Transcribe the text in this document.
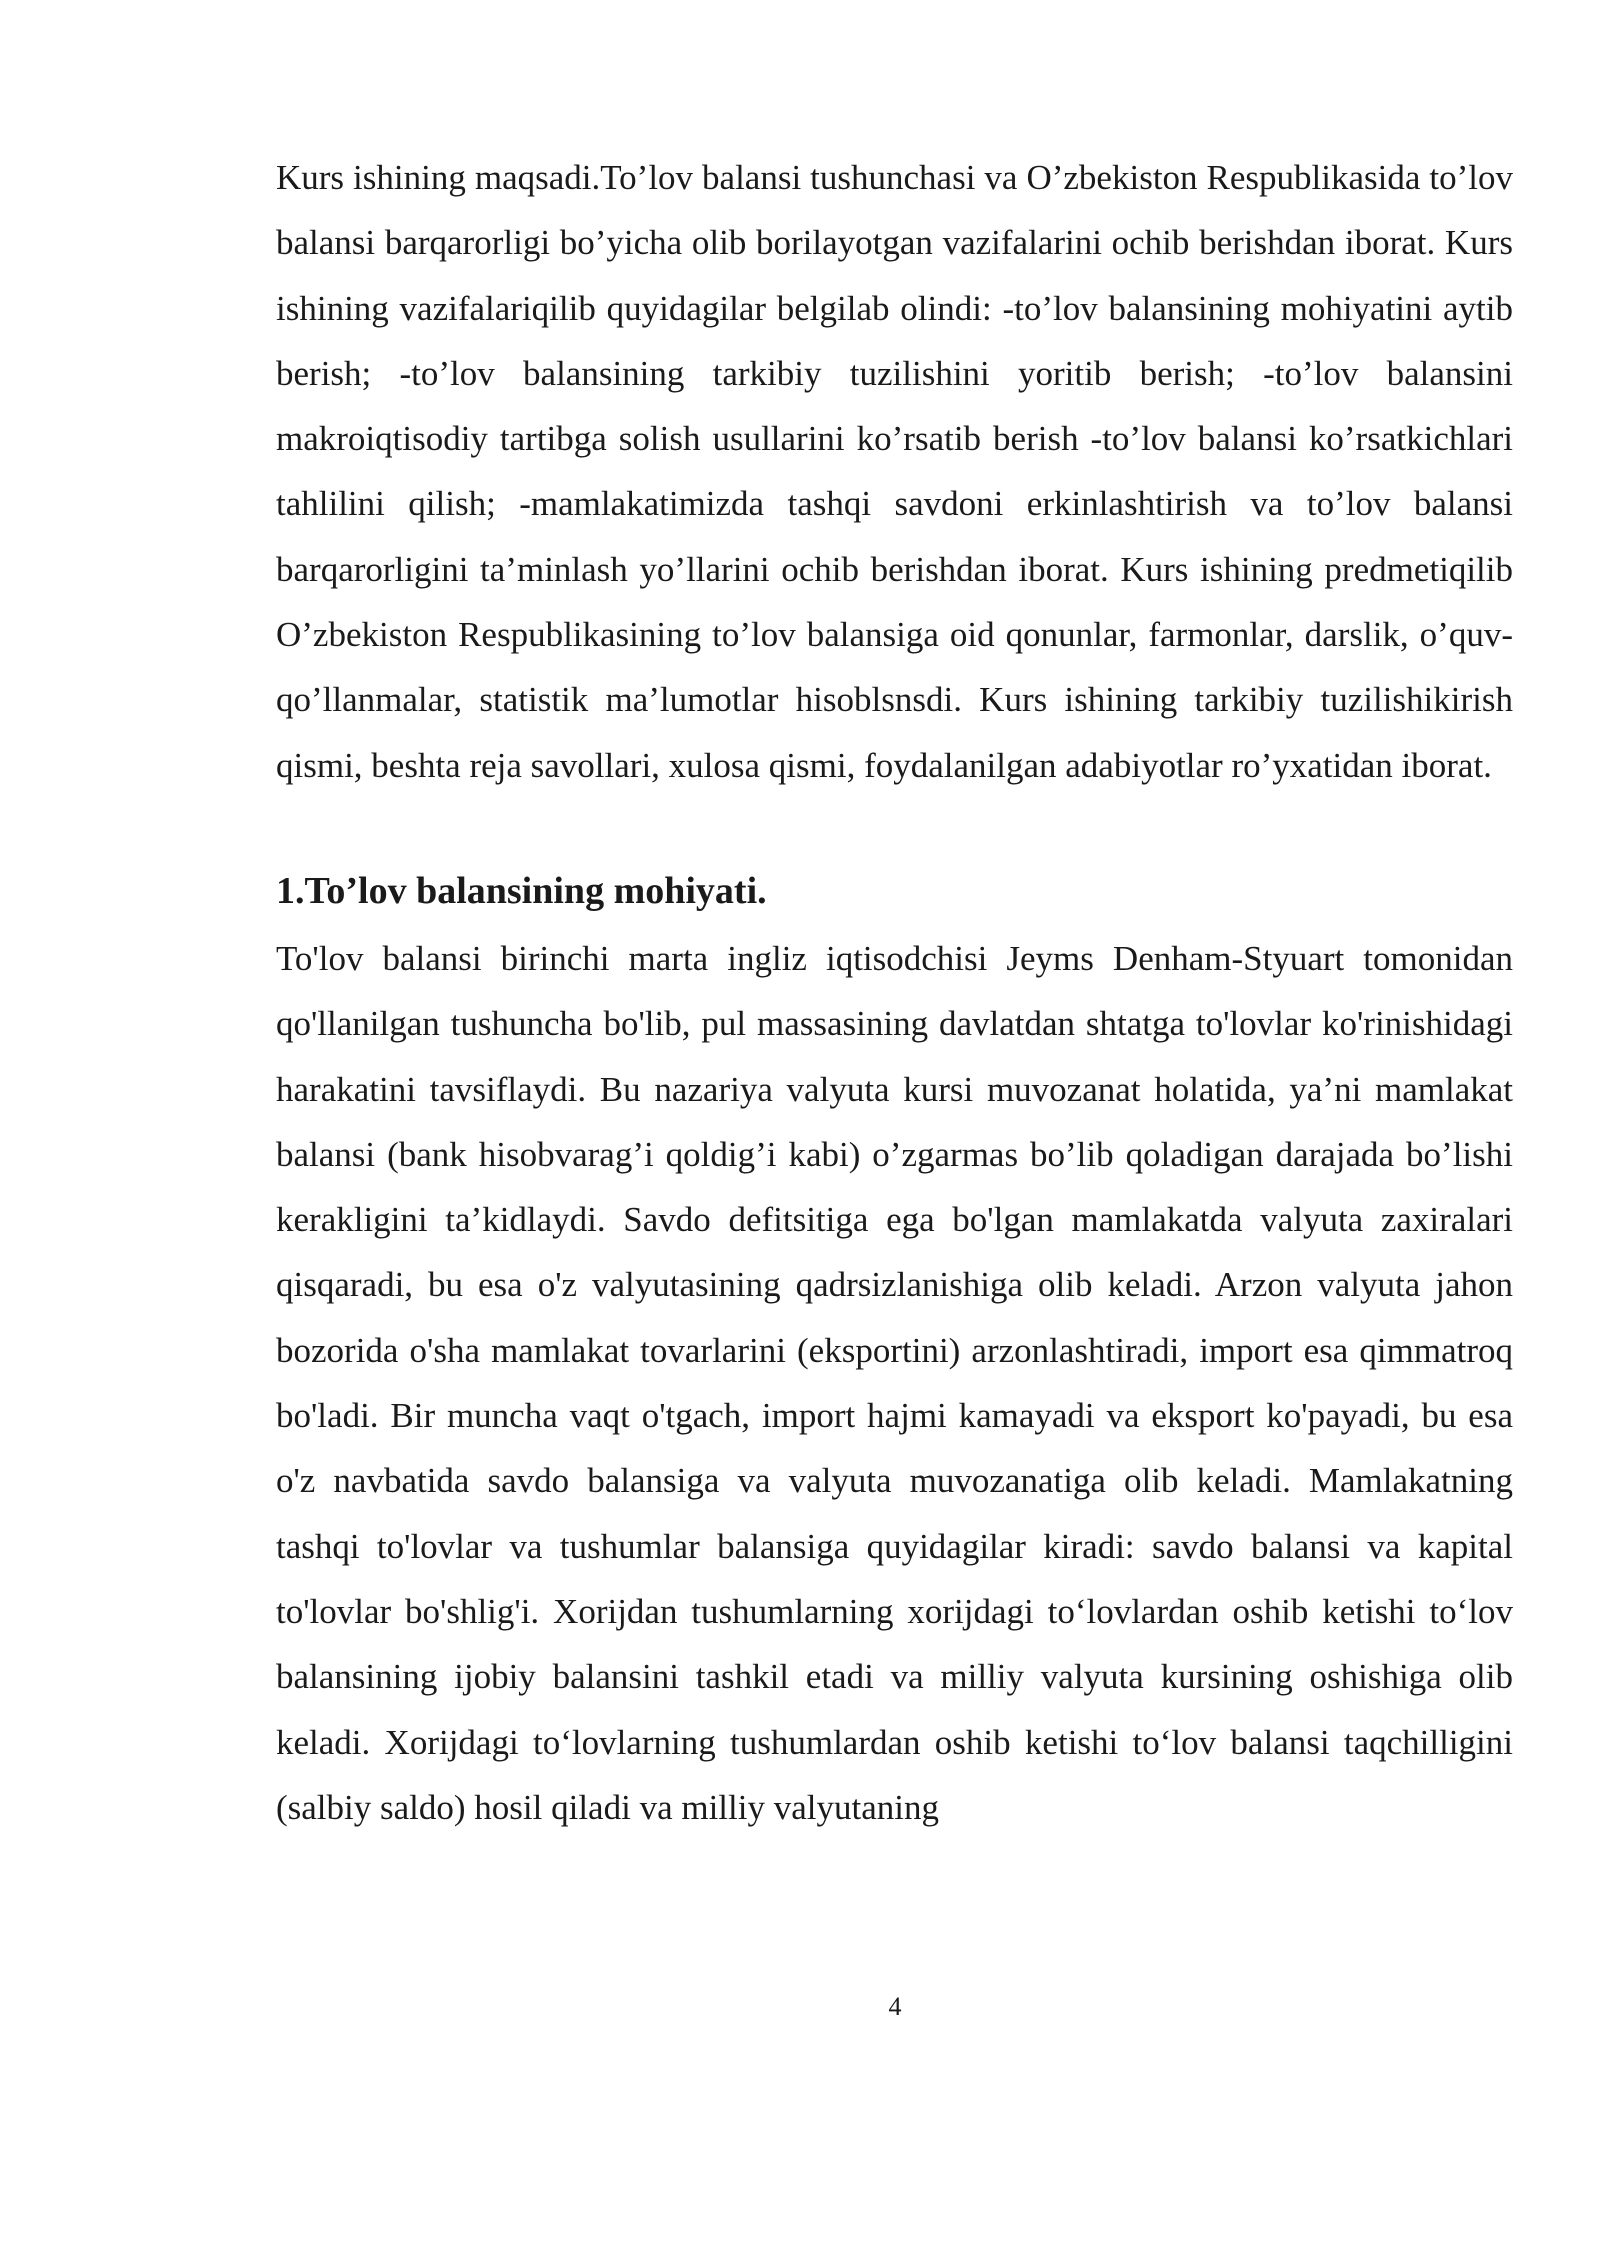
Kurs ishining maqsadi.To’lov balansi tushunchasi va O’zbekiston Respublikasida to’lov balansi barqarorligi bo’yicha olib borilayotgan vazifalarini ochib berishdan iborat. Kurs ishining vazifalariqilib quyidagilar belgilab olindi: -to’lov balansining mohiyatini aytib berish; -to’lov balansining tarkibiy tuzilishini yoritib berish; -to’lov balansini makroiqtisodiy tartibga solish usullarini ko’rsatib berish -to’lov balansi ko’rsatkichlari tahlilini qilish; -mamlakatimizda tashqi savdoni erkinlashtirish va to’lov balansi barqarorligini ta’minlash yo’llarini ochib berishdan iborat. Kurs ishining predmetiqilib O’zbekiston Respublikasining to’lov balansiga oid qonunlar, farmonlar, darslik, o’quv-qo’llanmalar, statistik ma’lumotlar hisoblsnsdi. Kurs ishining tarkibiy tuzilishikirish qismi, beshta reja savollari, xulosa qismi, foydalanilgan adabiyotlar ro’yxatidan iborat.

1.To’lov balansining mohiyati.

To'lov balansi birinchi marta ingliz iqtisodchisi Jeyms Denham-Styuart tomonidan qo'llanilgan tushuncha bo'lib, pul massasining davlatdan shtatga to'lovlar ko'rinishidagi harakatini tavsiflaydi. Bu nazariya valyuta kursi muvozanat holatida, ya’ni mamlakat balansi (bank hisobvarag’i qoldig’i kabi) o’zgarmas bo’lib qoladigan darajada bo’lishi kerakligini ta’kidlaydi. Savdo defitsitiga ega bo'lgan mamlakatda valyuta zaxiralari qisqaradi, bu esa o'z valyutasining qadrsizlanishiga olib keladi. Arzon valyuta jahon bozorida o'sha mamlakat tovarlarini (eksportini) arzonlashtiradi, import esa qimmatroq bo'ladi. Bir muncha vaqt o'tgach, import hajmi kamayadi va eksport ko'payadi, bu esa o'z navbatida savdo balansiga va valyuta muvozanatiga olib keladi. Mamlakatning tashqi to'lovlar va tushumlar balansiga quyidagilar kiradi: savdo balansi va kapital to'lovlar bo'shlig'i. Xorijdan tushumlarning xorijdagi to‘lovlardan oshib ketishi to‘lov balansining ijobiy balansini tashkil etadi va milliy valyuta kursining oshishiga olib keladi. Xorijdagi to‘lovlarning tushumlardan oshib ketishi to‘lov balansi taqchilligini (salbiy saldo) hosil qiladi va milliy valyutaning

4
